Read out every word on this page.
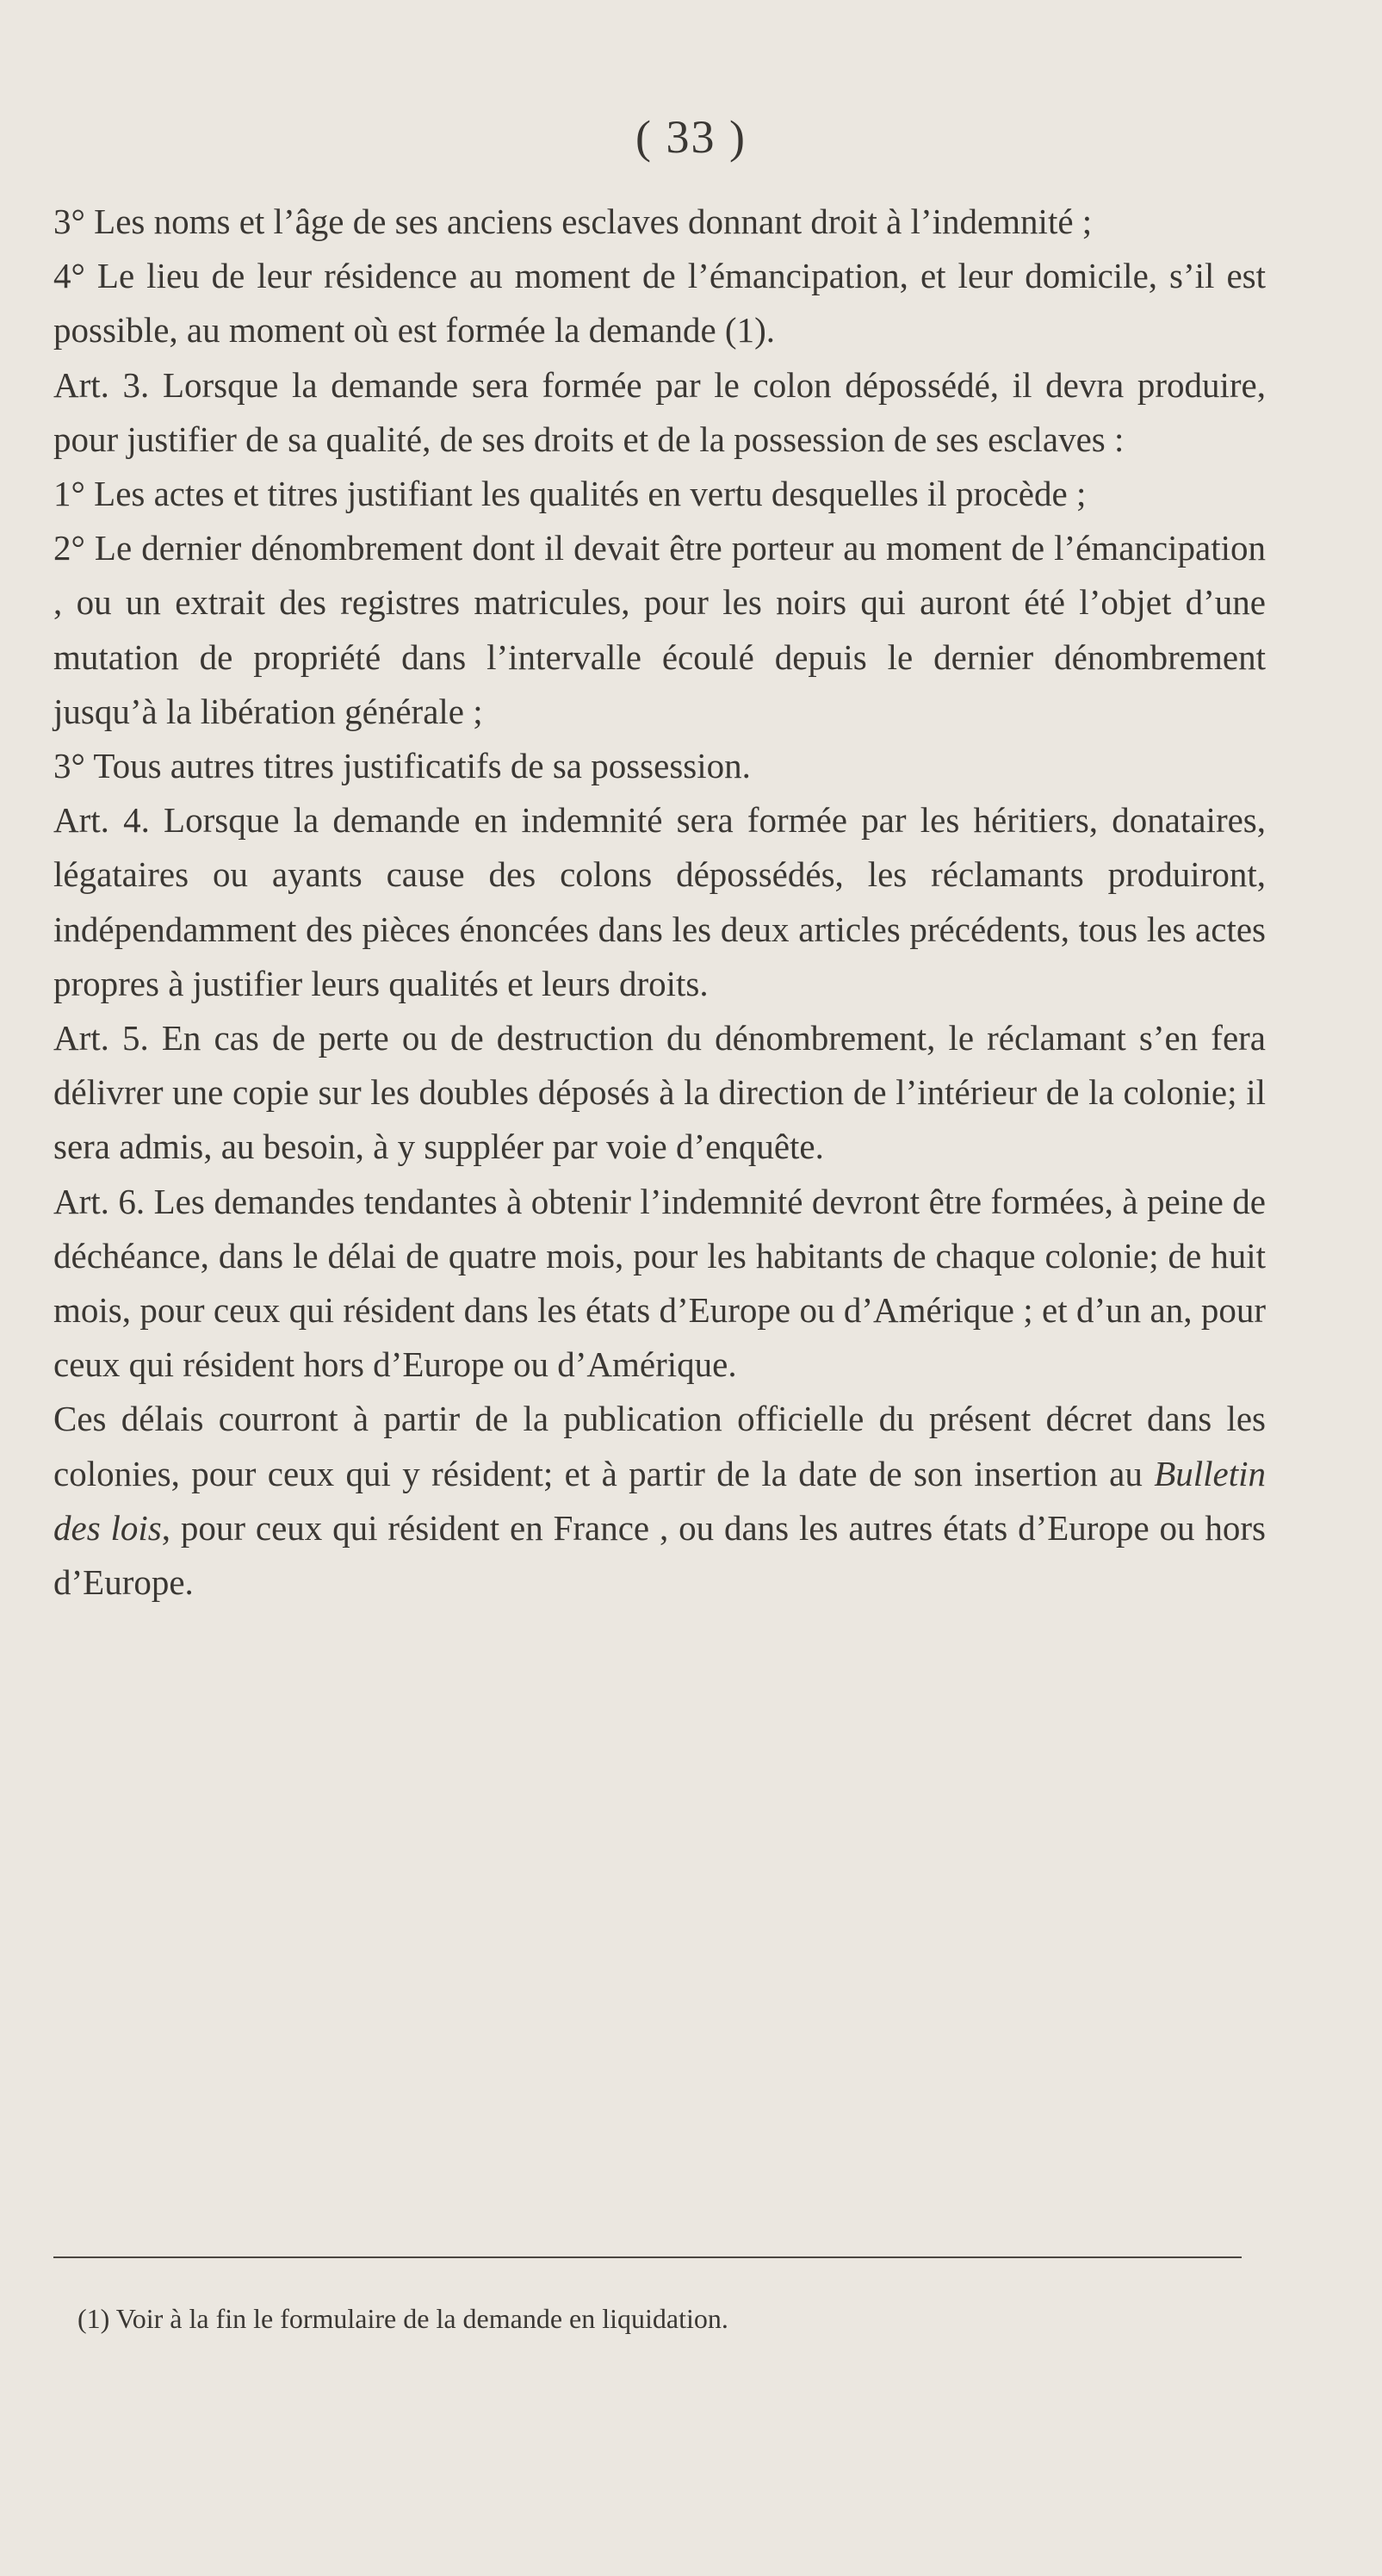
( 33 )

3° Les noms et l’âge de ses anciens esclaves donnant droit à l’indemnité ;

4° Le lieu de leur résidence au moment de l’émancipation, et leur domicile, s’il est possible, au moment où est formée la demande (1).

Art. 3. Lorsque la demande sera formée par le colon dépossédé, il devra produire, pour justifier de sa qualité, de ses droits et de la possession de ses esclaves :

1° Les actes et titres justifiant les qualités en vertu desquelles il procède ;

2° Le dernier dénombrement dont il devait être porteur au moment de l’émancipation , ou un extrait des registres matricules, pour les noirs qui auront été l’objet d’une mutation de propriété dans l’intervalle écoulé depuis le dernier dénombrement jusqu’à la libération générale ;

3° Tous autres titres justificatifs de sa possession.

Art. 4. Lorsque la demande en indemnité sera formée par les héritiers, donataires, légataires ou ayants cause des colons dépossédés, les réclamants produiront, indépendamment des pièces énoncées dans les deux articles précédents, tous les actes propres à justifier leurs qualités et leurs droits.

Art. 5. En cas de perte ou de destruction du dénombrement, le réclamant s’en fera délivrer une copie sur les doubles déposés à la direction de l’intérieur de la colonie; il sera admis, au besoin, à y suppléer par voie d’enquête.

Art. 6. Les demandes tendantes à obtenir l’indemnité devront être formées, à peine de déchéance, dans le délai de quatre mois, pour les habitants de chaque colonie; de huit mois, pour ceux qui résident dans les états d’Europe ou d’Amérique ; et d’un an, pour ceux qui résident hors d’Europe ou d’Amérique.

Ces délais courront à partir de la publication officielle du présent décret dans les colonies, pour ceux qui y résident; et à partir de la date de son insertion au Bulletin des lois, pour ceux qui résident en France , ou dans les autres états d’Europe ou hors d’Europe.

(1) Voir à la fin le formulaire de la demande en liquidation.
